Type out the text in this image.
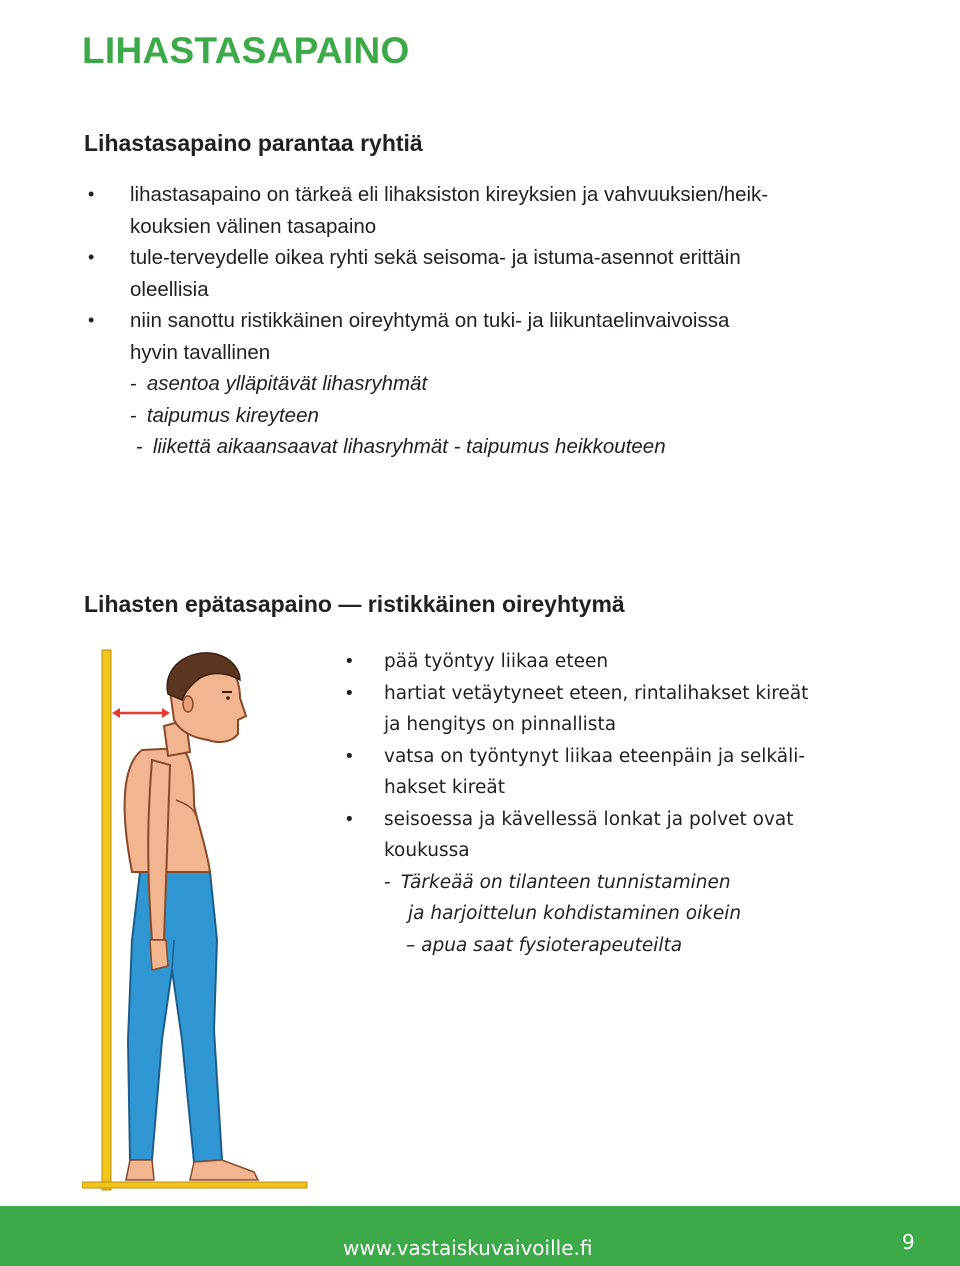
LIHASTASAPAINO
Lihastasapaino parantaa ryhtiä
• lihastasapaino on tärkeä eli lihaksiston kireyksien ja vahvuuksien/heik-
kouksien välinen tasapaino
• tule-terveydelle oikea ryhti sekä seisoma- ja istuma-asennot erittäin
oleellisia
• niin sanottu ristikkäinen oireyhtymä on tuki- ja liikuntaelinvaivoissa
hyvin tavallinen
- asentoa ylläpitävät lihasryhmät
- taipumus kireyteen
- liikettä aikaansaavat lihasryhmät - taipumus heikkouteen
Lihasten epätasapaino — ristikkäinen oireyhtymä
• pää työntyy liikaa eteen
• hartiat vetäytyneet eteen, rintalihakset kireät
ja hengitys on pinnallista
• vatsa on työntynyt liikaa eteenpäin ja selkäli-
hakset kireät
• seisoessa ja kävellessä lonkat ja polvet ovat
koukussa
- Tärkeää on tilanteen tunnistaminen
ja harjoittelun kohdistaminen oikein
– apua saat fysioterapeuteilta
www.vastaiskuvaivoille.fi	9
